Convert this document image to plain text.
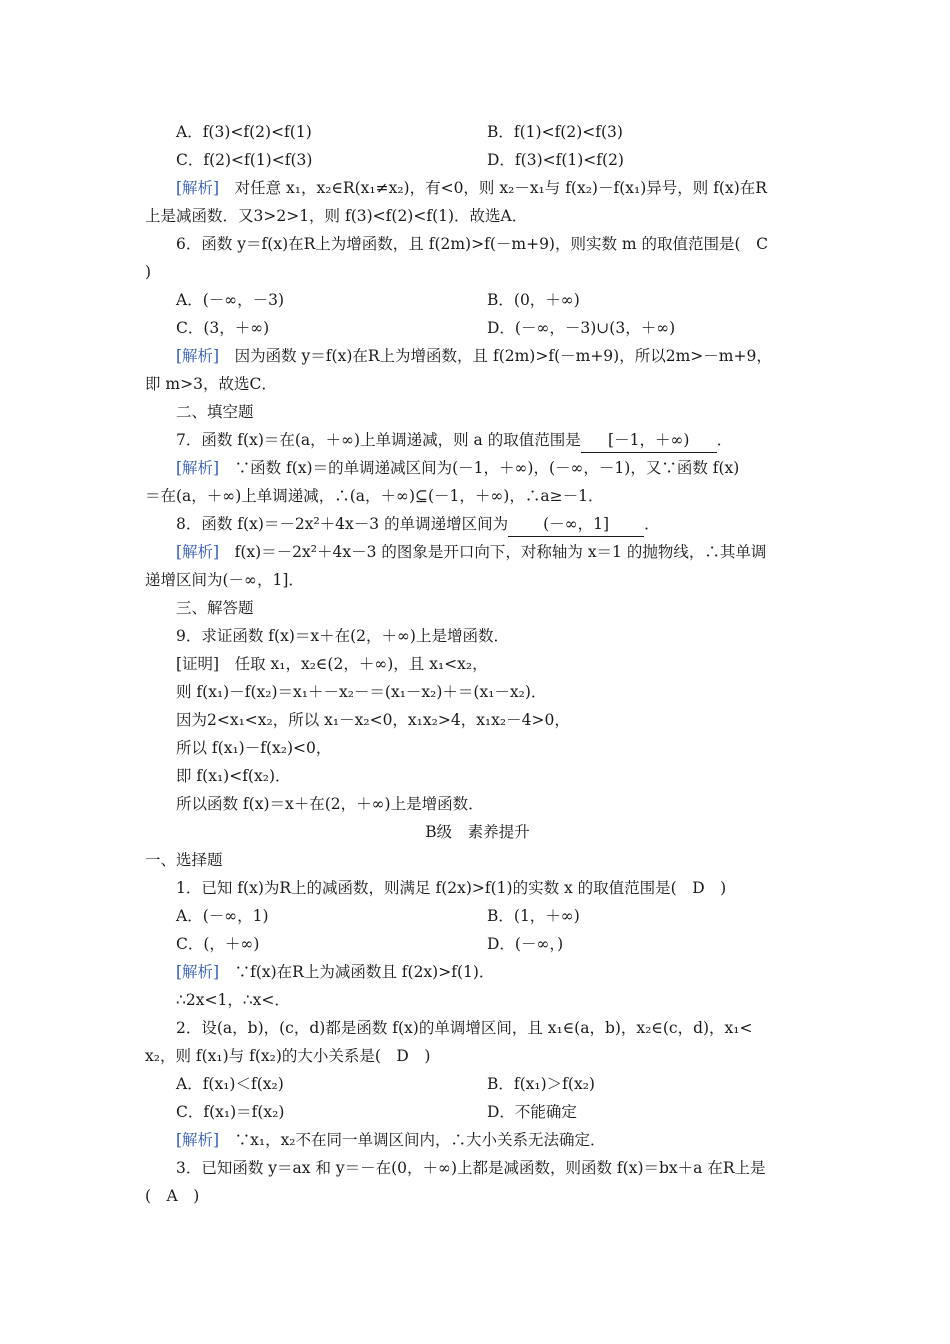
A．f(3)<f(2)<f(1)	B．f(1)<f(2)<f(3)
C．f(2)<f(1)<f(3)	D．f(3)<f(1)<f(2)
[解析]　对任意 x₁，x₂∈R(x₁≠x₂)，有<0，则 x₂－x₁与 f(x₂)－f(x₁)异号，则 f(x)在R
上是减函数．又3>2>1，则 f(3)<f(2)<f(1)．故选A．
6．函数 y＝f(x)在R上为增函数，且 f(2m)>f(－m+9)，则实数 m 的取值范围是(　C
)
A．(－∞，－3)	B．(0，＋∞)
C．(3，＋∞)	D．(－∞，－3)∪(3，＋∞)
[解析]　因为函数 y＝f(x)在R上为增函数，且 f(2m)>f(－m+9)，所以2m>－m+9，
即 m>3，故选C．
二、填空题
7．函数 f(x)＝在(a，＋∞)上单调递减，则 a 的取值范围是 [－1，＋∞) ．
[解析]　∵函数 f(x)＝的单调递减区间为(－1，＋∞)，(－∞，－1)，又∵函数 f(x)
＝在(a，＋∞)上单调递减，∴(a，＋∞)⊆(－1，＋∞)，∴a≥－1．
8．函数 f(x)＝－2x²＋4x－3 的单调递增区间为 (－∞，1] ．
[解析]　f(x)＝－2x²＋4x－3 的图象是开口向下，对称轴为 x＝1 的抛物线，∴其单调
递增区间为(－∞，1]．
三、解答题
9．求证函数 f(x)＝x＋在(2，＋∞)上是增函数．
[证明]　任取 x₁，x₂∈(2，＋∞)，且 x₁<x₂，
则 f(x₁)－f(x₂)＝x₁＋－x₂－＝(x₁－x₂)＋＝(x₁－x₂)．
因为2<x₁<x₂，所以 x₁－x₂<0，x₁x₂>4，x₁x₂－4>0，
所以 f(x₁)－f(x₂)<0，
即 f(x₁)<f(x₂)．
所以函数 f(x)＝x＋在(2，＋∞)上是增函数．
B级　素养提升
一、选择题
1．已知 f(x)为R上的减函数，则满足 f(2x)>f(1)的实数 x 的取值范围是(　D　)
A．(－∞，1)	B．(1，＋∞)
C．(，＋∞)	D．(－∞，)
[解析]　∵f(x)在R上为减函数且 f(2x)>f(1)．
∴2x<1，∴x<．
2．设(a，b)，(c，d)都是函数 f(x)的单调增区间，且 x₁∈(a，b)，x₂∈(c，d)，x₁<
x₂，则 f(x₁)与 f(x₂)的大小关系是(　D　)
A．f(x₁)＜f(x₂)	B．f(x₁)＞f(x₂)
C．f(x₁)＝f(x₂)	D．不能确定
[解析]　∵x₁，x₂不在同一单调区间内，∴大小关系无法确定．
3．已知函数 y＝ax 和 y＝－在(0，＋∞)上都是减函数，则函数 f(x)＝bx＋a 在R上是
(　A　)
